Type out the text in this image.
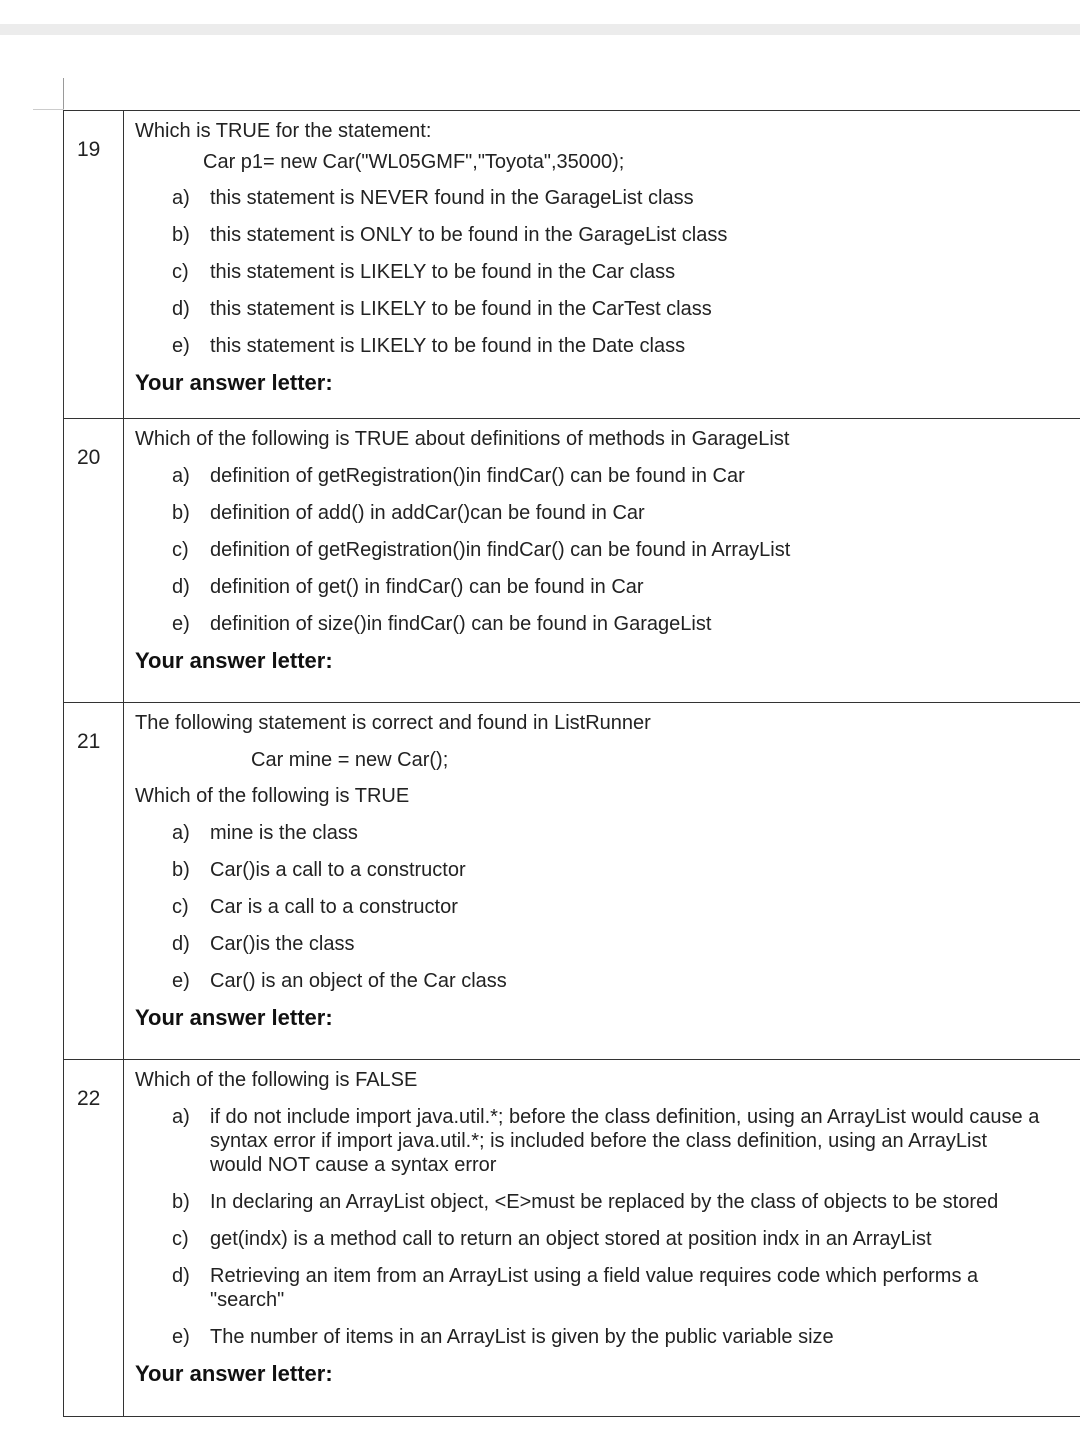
19
Which is TRUE for the statement:
Car p1= new Car("WL05GMF","Toyota",35000);
a)	this statement is NEVER found in the GarageList class
b)	this statement is ONLY to be found in the GarageList class
c)	this statement is LIKELY to be found in the Car class
d)	this statement is LIKELY to be found in the CarTest class
e)	this statement is LIKELY to be found in the Date class
Your answer letter:
20
Which of the following is TRUE about definitions of methods in GarageList
a)	definition of getRegistration()in findCar() can be found in Car
b)	definition of add() in addCar()can be found in Car
c)	definition of getRegistration()in findCar() can be found in ArrayList
d)	definition of get() in findCar() can be found in Car
e)	definition of size()in findCar() can be found in GarageList
Your answer letter:
21
The following statement is correct and found in ListRunner
Car mine = new Car();
Which of the following is TRUE
a)	mine is the class
b)	Car()is a call to a constructor
c)	Car is a call to a constructor
d)	Car()is the class
e)	Car() is an object of the Car class
Your answer letter:
22
Which of the following is FALSE
a)	if do not include import java.util.*; before the class definition, using an ArrayList would cause a syntax error if import java.util.*; is included before the class definition, using an ArrayList would NOT cause a syntax error
b)	In declaring an ArrayList object, <E>must be replaced by the class of objects to be stored
c)	get(indx) is a method call to return an object stored at position indx in an ArrayList
d)	Retrieving an item from an ArrayList using a field value requires code which performs a "search"
e)	The number of items in an ArrayList is given by the public variable size
Your answer letter:
